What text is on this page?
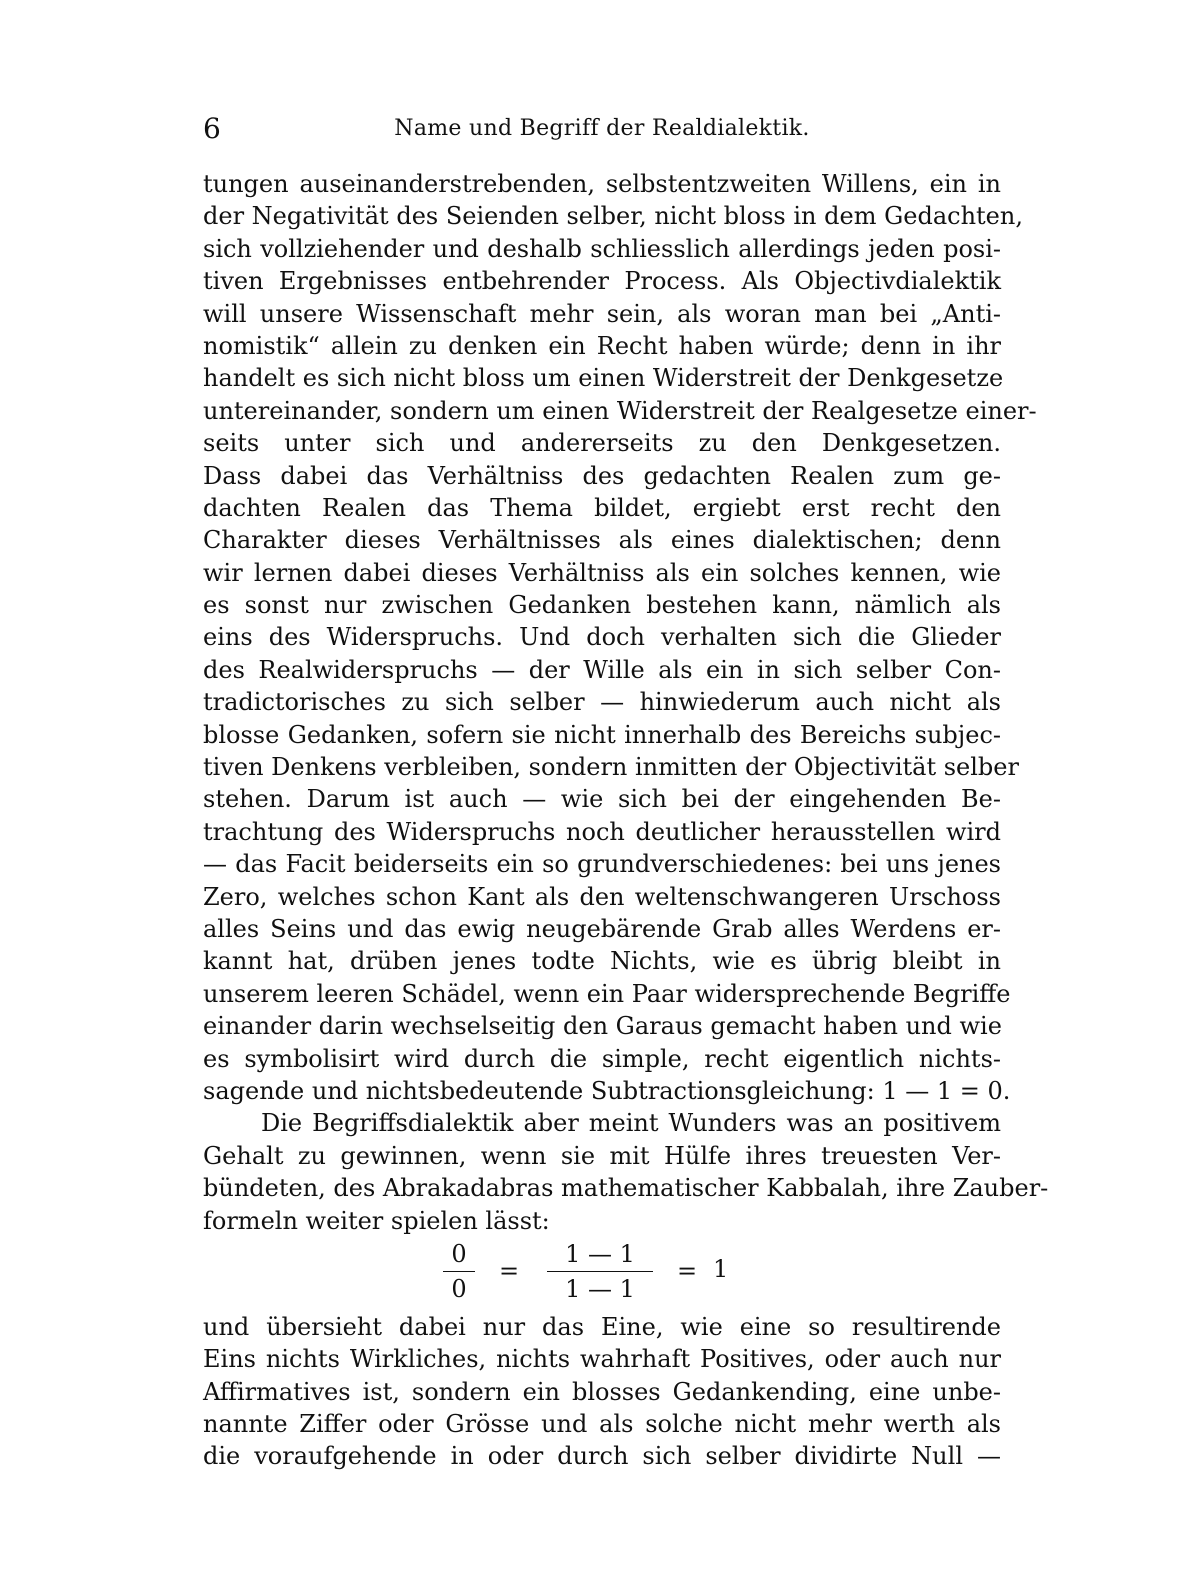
6	Name und Begriff der Realdialektik.
tungen auseinanderstrebenden, selbstentzweiten Willens, ein in
der Negativität des Seienden selber, nicht bloss in dem Gedachten,
sich vollziehender und deshalb schliesslich allerdings jeden posi-
tiven Ergebnisses entbehrender Process. Als Objectivdialektik
will unsere Wissenschaft mehr sein, als woran man bei „Anti-
nomistik“ allein zu denken ein Recht haben würde; denn in ihr
handelt es sich nicht bloss um einen Widerstreit der Denkgesetze
untereinander, sondern um einen Widerstreit der Realgesetze einer-
seits unter sich und andererseits zu den Denkgesetzen.
Dass dabei das Verhältniss des gedachten Realen zum ge-
dachten Realen das Thema bildet, ergiebt erst recht den
Charakter dieses Verhältnisses als eines dialektischen; denn
wir lernen dabei dieses Verhältniss als ein solches kennen, wie
es sonst nur zwischen Gedanken bestehen kann, nämlich als
eins des Widerspruchs. Und doch verhalten sich die Glieder
des Realwiderspruchs — der Wille als ein in sich selber Con-
tradictorisches zu sich selber — hinwiederum auch nicht als
blosse Gedanken, sofern sie nicht innerhalb des Bereichs subjec-
tiven Denkens verbleiben, sondern inmitten der Objectivität selber
stehen. Darum ist auch — wie sich bei der eingehenden Be-
trachtung des Widerspruchs noch deutlicher herausstellen wird
— das Facit beiderseits ein so grundverschiedenes: bei uns jenes
Zero, welches schon Kant als den weltenschwangeren Urschoss
alles Seins und das ewig neugebärende Grab alles Werdens er-
kannt hat, drüben jenes todte Nichts, wie es übrig bleibt in
unserem leeren Schädel, wenn ein Paar widersprechende Begriffe
einander darin wechselseitig den Garaus gemacht haben und wie
es symbolisirt wird durch die simple, recht eigentlich nichts-
sagende und nichtsbedeutende Subtractionsgleichung: 1 — 1 = 0.
Die Begriffsdialektik aber meint Wunders was an positivem
Gehalt zu gewinnen, wenn sie mit Hülfe ihres treuesten Ver-
bündeten, des Abrakadabras mathematischer Kabbalah, ihre Zauber-
formeln weiter spielen lässt:
0
0
=
1 — 1
1 — 1
= 1
und übersieht dabei nur das Eine, wie eine so resultirende
Eins nichts Wirkliches, nichts wahrhaft Positives, oder auch nur
Affirmatives ist, sondern ein blosses Gedankending, eine unbe-
nannte Ziffer oder Grösse und als solche nicht mehr werth als
die voraufgehende in oder durch sich selber dividirte Null —
